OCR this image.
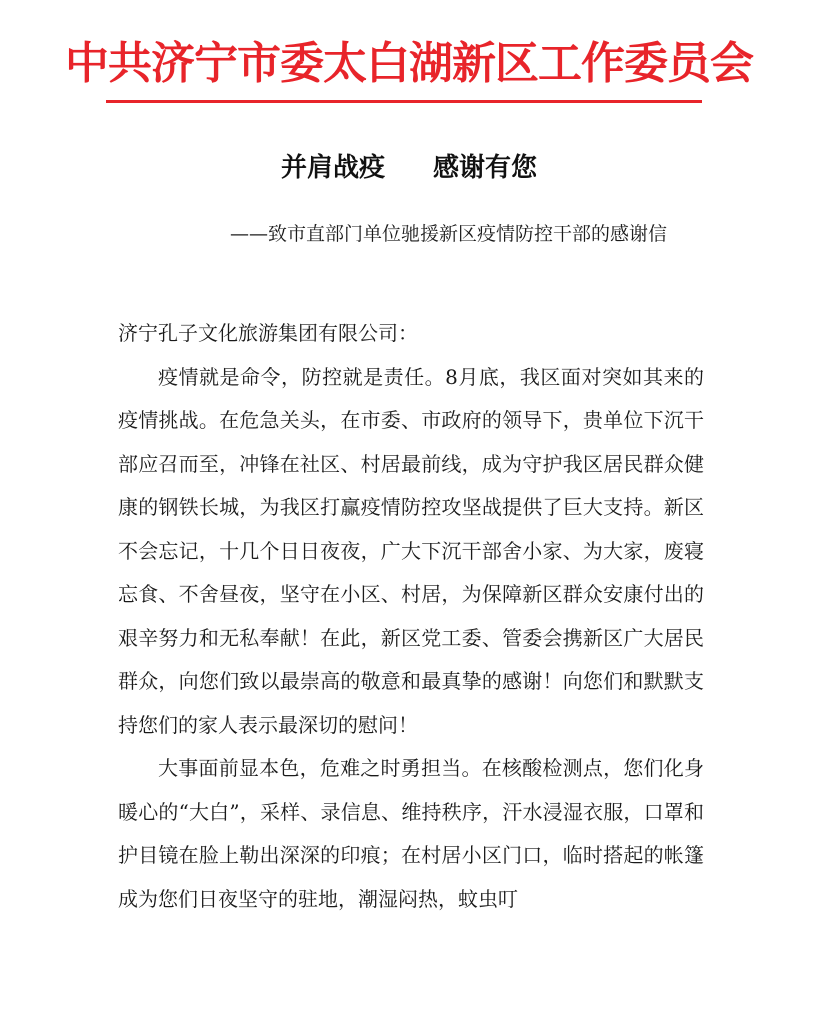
中共济宁市委太白湖新区工作委员会
并肩战疫 感谢有您
——致市直部门单位驰援新区疫情防控干部的感谢信

济宁孔子文化旅游集团有限公司：

疫情就是命令，防控就是责任。8月底，我区面对突如其来的疫情挑战。在危急关头，在市委、市政府的领导下，贵单位下沉干部应召而至，冲锋在社区、村居最前线，成为守护我区居民群众健康的钢铁长城，为我区打赢疫情防控攻坚战提供了巨大支持。新区不会忘记，十几个日日夜夜，广大下沉干部舍小家、为大家，废寝忘食、不舍昼夜，坚守在小区、村居，为保障新区群众安康付出的艰辛努力和无私奉献！在此，新区党工委、管委会携新区广大居民群众，向您们致以最崇高的敬意和最真挚的感谢！向您们和默默支持您们的家人表示最深切的慰问！

大事面前显本色，危难之时勇担当。在核酸检测点，您们化身暖心的“大白”，采样、录信息、维持秩序，汗水浸湿衣服，口罩和护目镜在脸上勒出深深的印痕；在村居小区门口，临时搭起的帐篷成为您们日夜坚守的驻地，潮湿闷热，蚊虫叮
